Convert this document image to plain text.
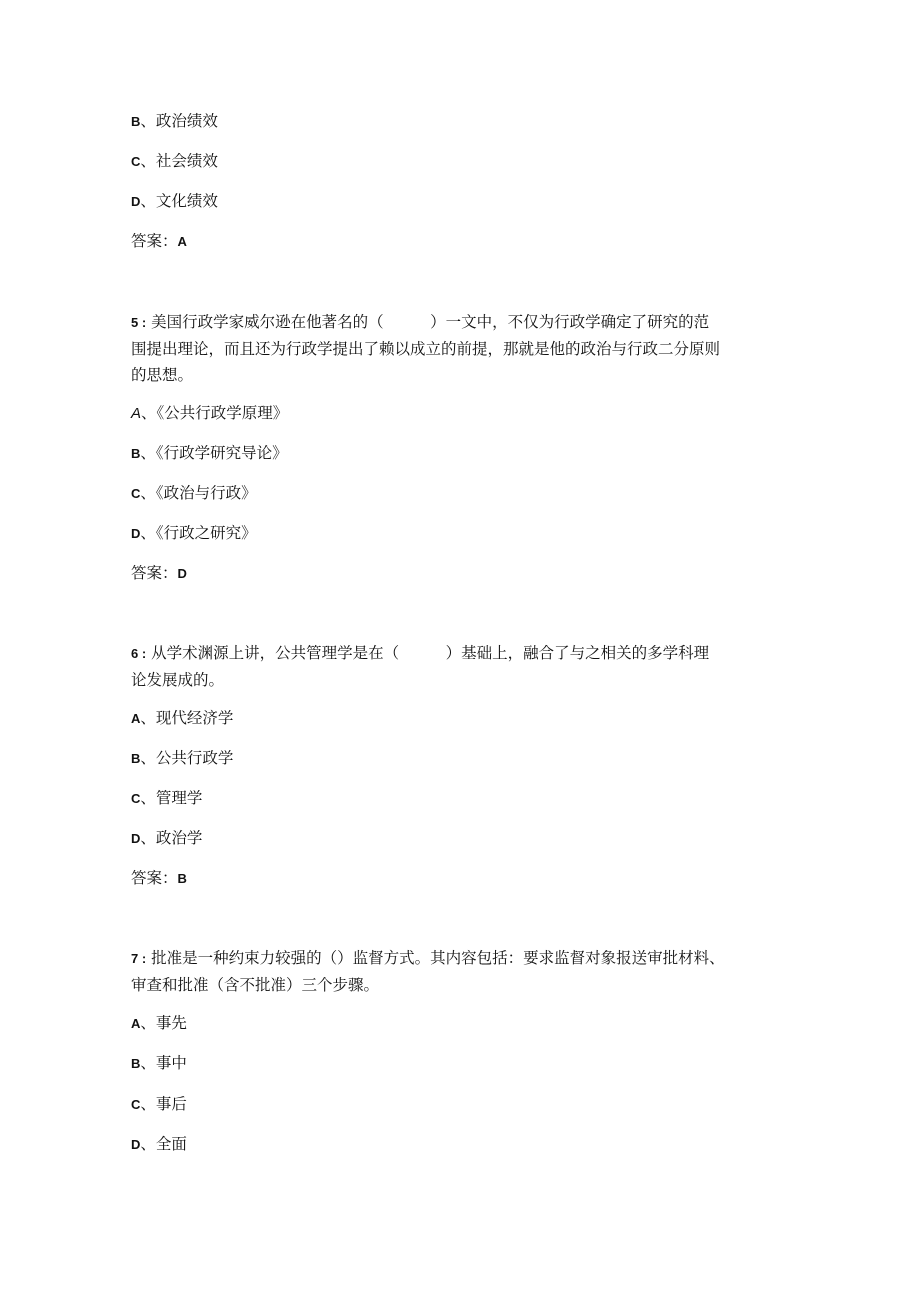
B、政治绩效
C、社会绩效
D、文化绩效
答案：A
5 : 美国行政学家威尔逊在他著名的（　　　）一文中，不仅为行政学确定了研究的范
围提出理论，而且还为行政学提出了赖以成立的前提，那就是他的政治与行政二分原则
的思想。
A、《公共行政学原理》
B、《行政学研究导论》
C、《政治与行政》
D、《行政之研究》
答案：D
6 : 从学术渊源上讲，公共管理学是在（　　　）基础上，融合了与之相关的多学科理
论发展成的。
A、现代经济学
B、公共行政学
C、管理学
D、政治学
答案：B
7 : 批准是一种约束力较强的（）监督方式。其内容包括：要求监督对象报送审批材料、
审查和批准（含不批准）三个步骤。
A、事先
B、事中
C、事后
D、全面
